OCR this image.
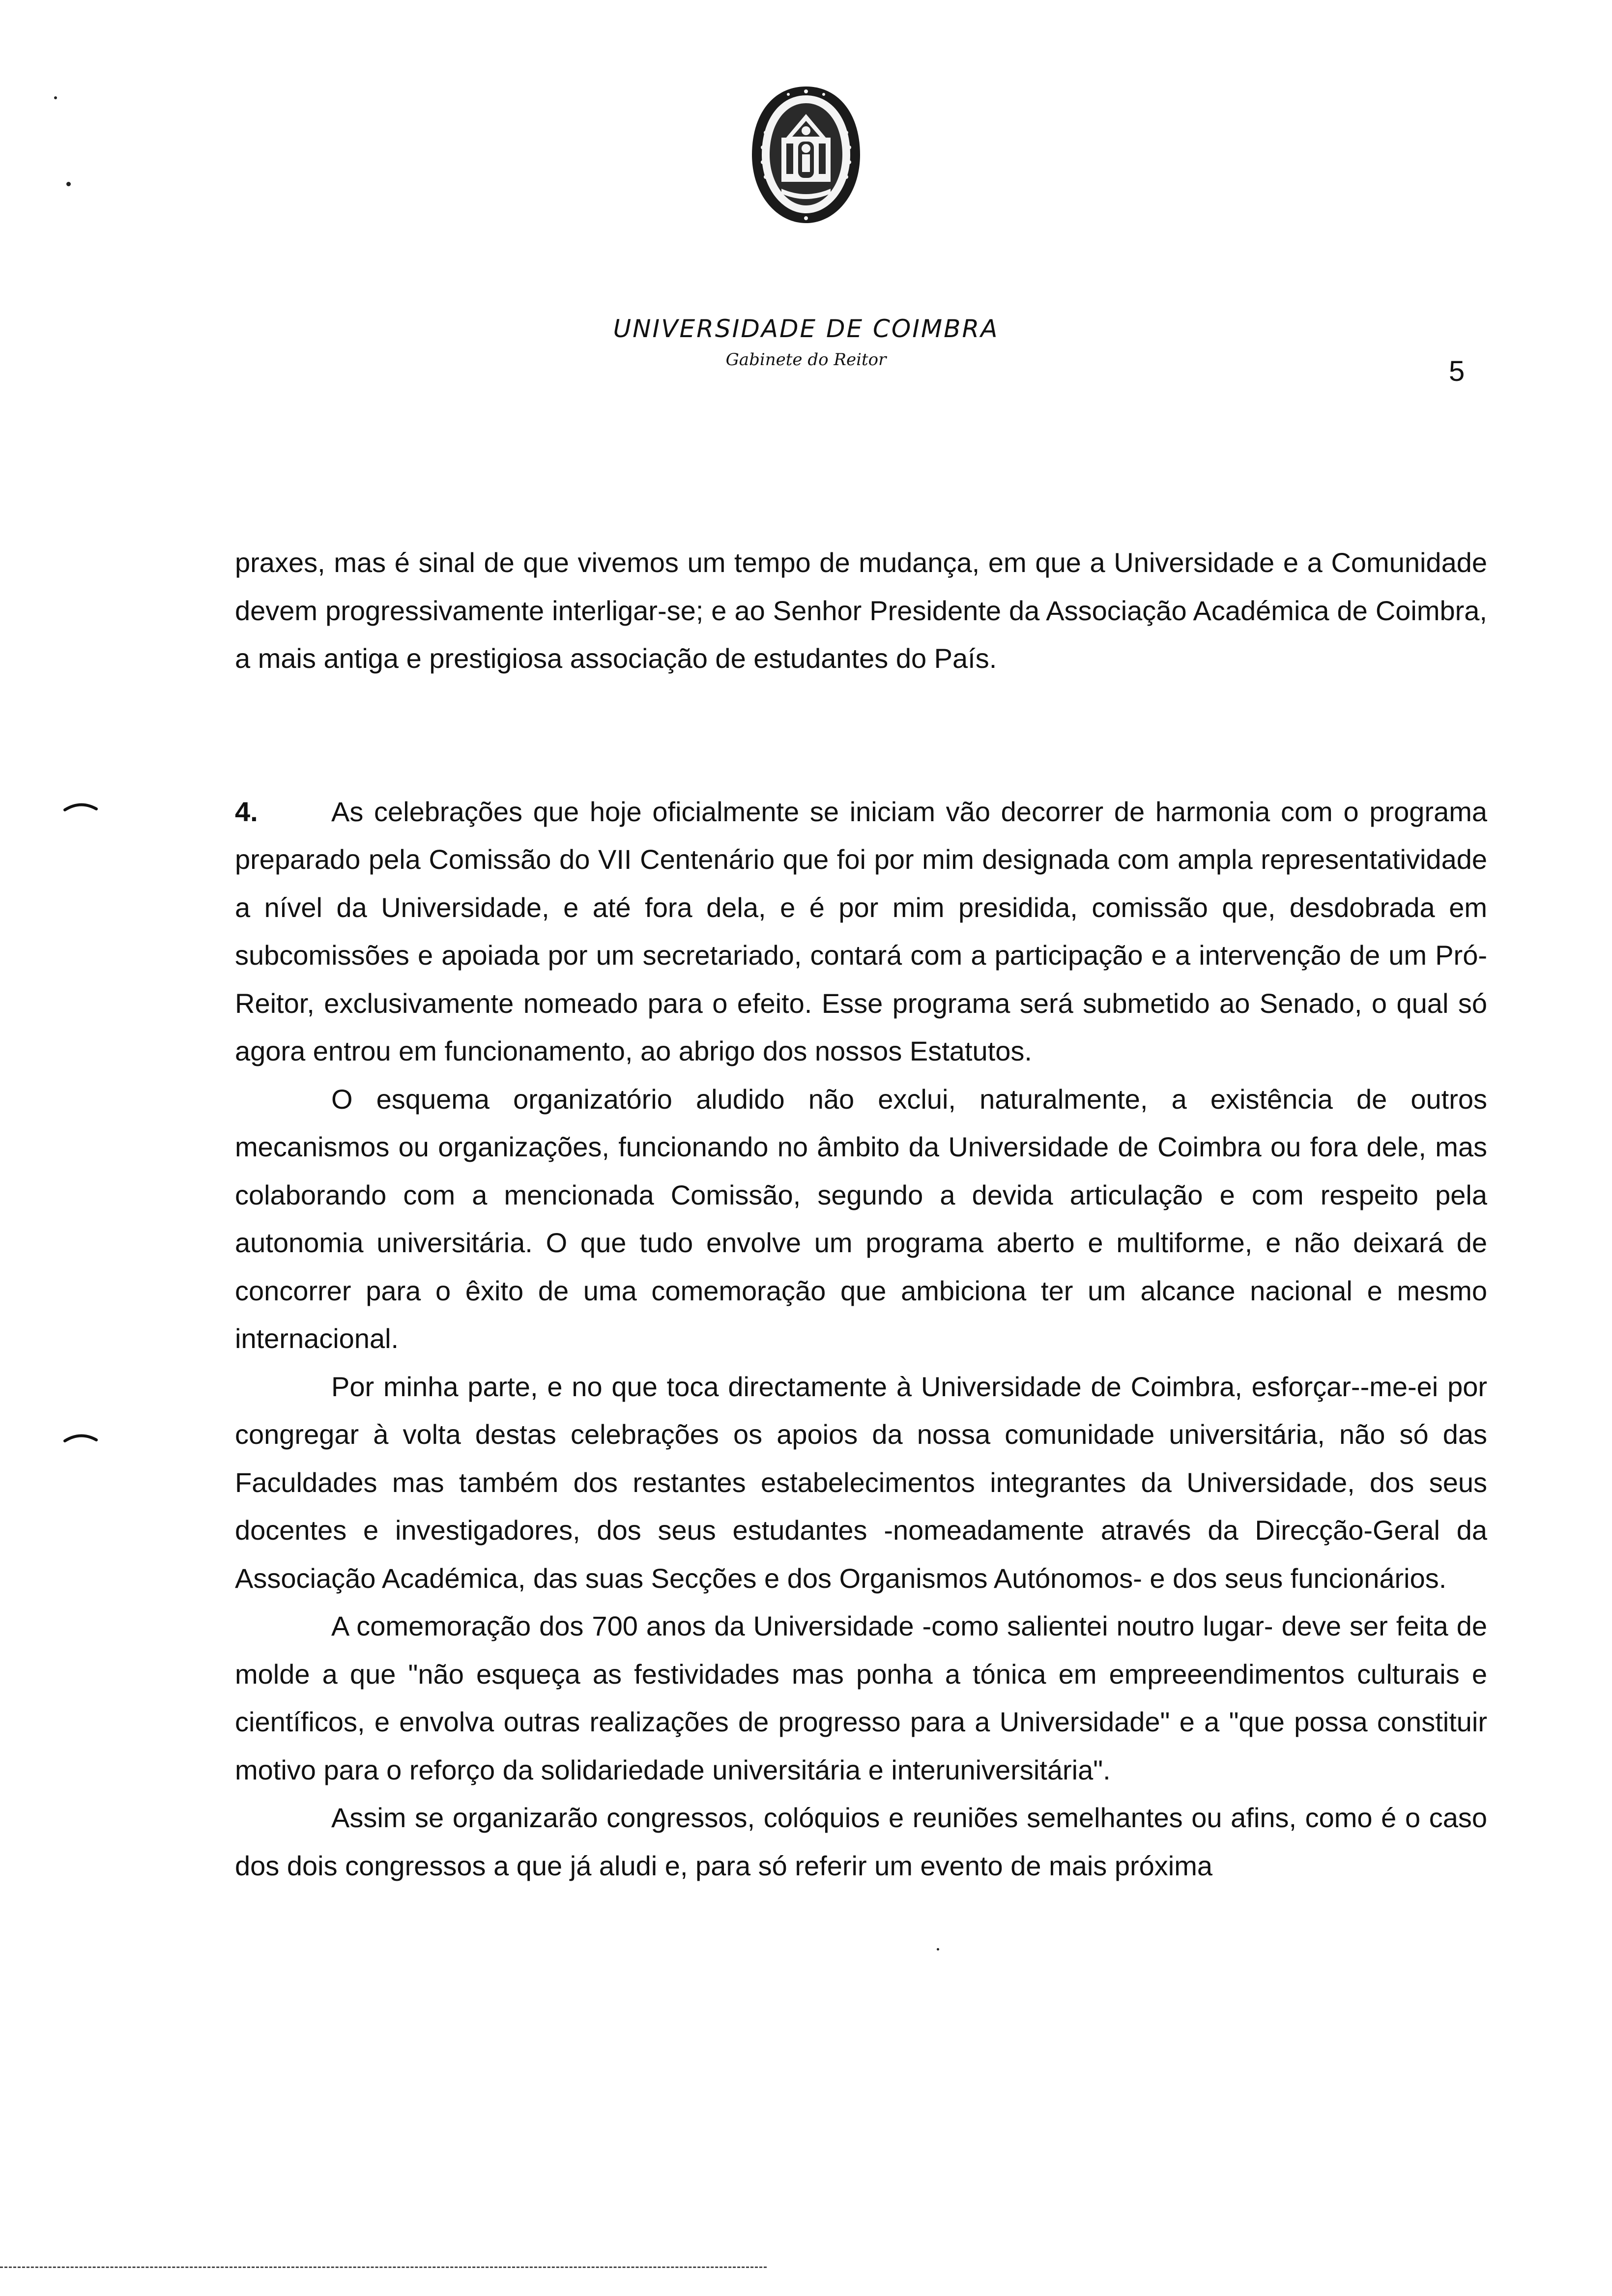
UNIVERSIDADE DE COIMBRA
Gabinete do Reitor	5

praxes, mas é sinal de que vivemos um tempo de mudança, em que a Universidade e a Comunidade devem progressivamente interligar-se; e ao Senhor Presidente da Associação Académica de Coimbra, a mais antiga e prestigiosa associação de estudantes do País.

4.	As celebrações que hoje oficialmente se iniciam vão decorrer de harmonia com o programa preparado pela Comissão do VII Centenário que foi por mim designada com ampla representatividade a nível da Universidade, e até fora dela, e é por mim presidida, comissão que, desdobrada em subcomissões e apoiada por um secretariado, contará com a participação e a intervenção de um Pró-Reitor, exclusivamente nomeado para o efeito. Esse programa será submetido ao Senado, o qual só agora entrou em funcionamento, ao abrigo dos nossos Estatutos.

O esquema organizatório aludido não exclui, naturalmente, a existência de outros mecanismos ou organizações, funcionando no âmbito da Universidade de Coimbra ou fora dele, mas colaborando com a mencionada Comissão, segundo a devida articulação e com respeito pela autonomia universitária. O que tudo envolve um programa aberto e multiforme, e não deixará de concorrer para o êxito de uma comemoração que ambiciona ter um alcance nacional e mesmo internacional.

Por minha parte, e no que toca directamente à Universidade de Coimbra, esforçar--me-ei por congregar à volta destas celebrações os apoios da nossa comunidade universitária, não só das Faculdades mas também dos restantes estabelecimentos integrantes da Universidade, dos seus docentes e investigadores, dos seus estudantes -nomeadamente através da Direcção-Geral da Associação Académica, das suas Secções e dos Organismos Autónomos- e dos seus funcionários.

A comemoração dos 700 anos da Universidade -como salientei noutro lugar- deve ser feita de molde a que "não esqueça as festividades mas ponha a tónica em empreeendimentos culturais e científicos, e envolva outras realizações de progresso para a Universidade" e a "que possa constituir motivo para o reforço da solidariedade universitária e interuniversitária".

Assim se organizarão congressos, colóquios e reuniões semelhantes ou afins, como é o caso dos dois congressos a que já aludi e, para só referir um evento de mais próxima
